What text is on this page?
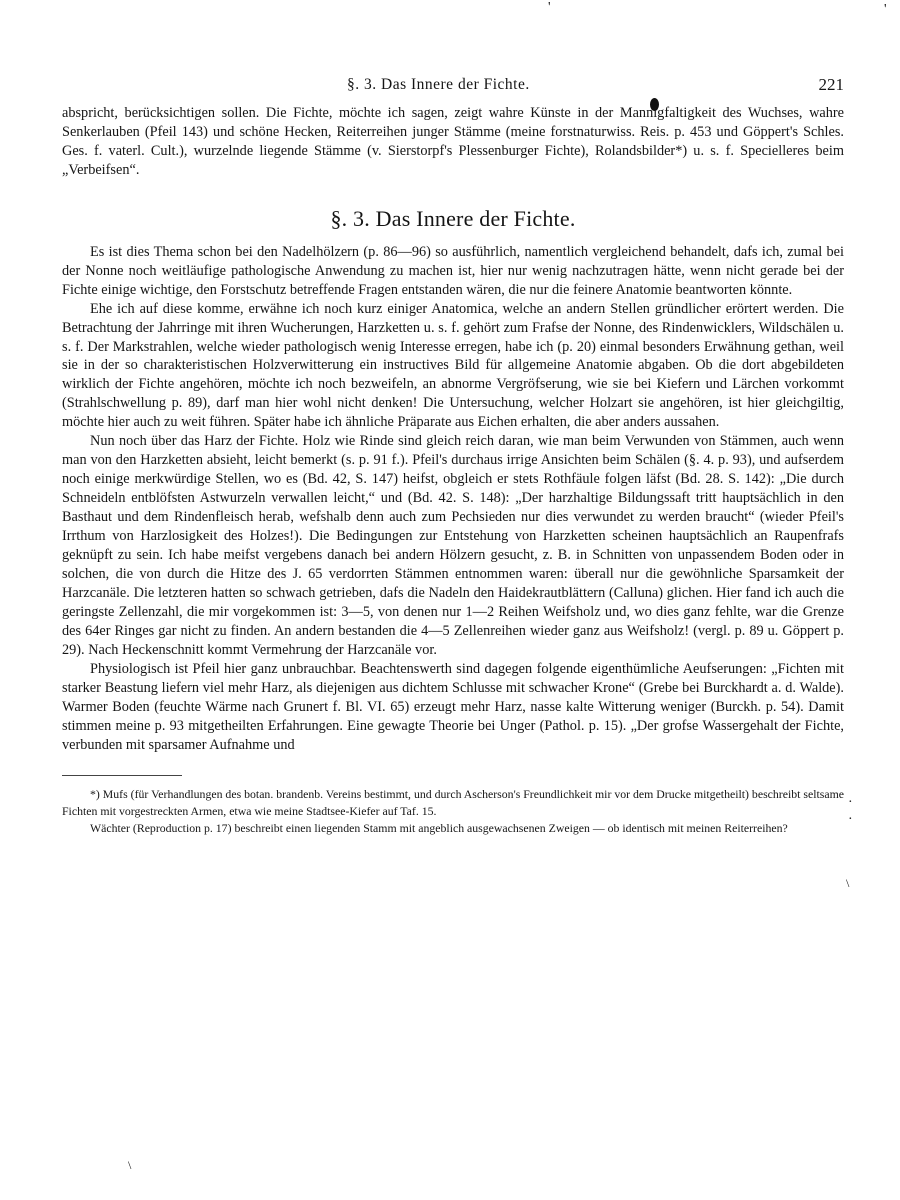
'	'
·
·
\
\
§. 3. Das Innere der Fichte.	221

abspricht, berücksichtigen sollen. Die Fichte, möchte ich sagen, zeigt wahre Künste in der Mannigfaltigkeit des Wuchses, wahre Senkerlauben (Pfeil 143) und schöne Hecken, Reiterreihen junger Stämme (meine forstnaturwiss. Reis. p. 453 und Göppert's Schles. Ges. f. vaterl. Cult.), wurzelnde liegende Stämme (v. Sierstorpf's Plessenburger Fichte), Rolandsbilder*) u. s. f. Specielleres beim „Verbeifsen“.

§. 3. Das Innere der Fichte.

Es ist dies Thema schon bei den Nadelhölzern (p. 86—96) so ausführlich, namentlich vergleichend behandelt, dafs ich, zumal bei der Nonne noch weitläufige pathologische Anwendung zu machen ist, hier nur wenig nachzutragen hätte, wenn nicht gerade bei der Fichte einige wichtige, den Forstschutz betreffende Fragen entstanden wären, die nur die feinere Anatomie beantworten könnte.

Ehe ich auf diese komme, erwähne ich noch kurz einiger Anatomica, welche an andern Stellen gründlicher erörtert werden. Die Betrachtung der Jahrringe mit ihren Wucherungen, Harzketten u. s. f. gehört zum Frafse der Nonne, des Rindenwicklers, Wildschälen u. s. f. Der Markstrahlen, welche wieder pathologisch wenig Interesse erregen, habe ich (p. 20) einmal besonders Erwähnung gethan, weil sie in der so charakteristischen Holzverwitterung ein instructives Bild für allgemeine Anatomie abgaben. Ob die dort abgebildeten wirklich der Fichte angehören, möchte ich noch bezweifeln, an abnorme Vergröfserung, wie sie bei Kiefern und Lärchen vorkommt (Strahlschwellung p. 89), darf man hier wohl nicht denken! Die Untersuchung, welcher Holzart sie angehören, ist hier gleichgiltig, möchte hier auch zu weit führen. Später habe ich ähnliche Präparate aus Eichen erhalten, die aber anders aussahen.

Nun noch über das Harz der Fichte. Holz wie Rinde sind gleich reich daran, wie man beim Verwunden von Stämmen, auch wenn man von den Harzketten absieht, leicht bemerkt (s. p. 91 f.). Pfeil's durchaus irrige Ansichten beim Schälen (§. 4. p. 93), und aufserdem noch einige merkwürdige Stellen, wo es (Bd. 42, S. 147) heifst, obgleich er stets Rothfäule folgen läfst (Bd. 28. S. 142): „Die durch Schneideln entblöfsten Astwurzeln verwallen leicht,“ und (Bd. 42. S. 148): „Der harzhaltige Bildungssaft tritt hauptsächlich in den Basthaut und dem Rindenfleisch herab, wefshalb denn auch zum Pechsieden nur dies verwundet zu werden braucht“ (wieder Pfeil's Irrthum von Harzlosigkeit des Holzes!). Die Bedingungen zur Entstehung von Harzketten scheinen hauptsächlich an Raupenfrafs geknüpft zu sein. Ich habe meifst vergebens danach bei andern Hölzern gesucht, z. B. in Schnitten von unpassendem Boden oder in solchen, die von durch die Hitze des J. 65 verdorrten Stämmen entnommen waren: überall nur die gewöhnliche Sparsamkeit der Harzcanäle. Die letzteren hatten so schwach getrieben, dafs die Nadeln den Haidekrautblättern (Calluna) glichen. Hier fand ich auch die geringste Zellenzahl, die mir vorgekommen ist: 3—5, von denen nur 1—2 Reihen Weifsholz und, wo dies ganz fehlte, war die Grenze des 64er Ringes gar nicht zu finden. An andern bestanden die 4—5 Zellenreihen wieder ganz aus Weifsholz! (vergl. p. 89 u. Göppert p. 29). Nach Heckenschnitt kommt Vermehrung der Harzcanäle vor.

Physiologisch ist Pfeil hier ganz unbrauchbar. Beachtenswerth sind dagegen folgende eigenthümliche Aeufserungen: „Fichten mit starker Beastung liefern viel mehr Harz, als diejenigen aus dichtem Schlusse mit schwacher Krone“ (Grebe bei Burckhardt a. d. Walde). Warmer Boden (feuchte Wärme nach Grunert f. Bl. VI. 65) erzeugt mehr Harz, nasse kalte Witterung weniger (Burckh. p. 54). Damit stimmen meine p. 93 mitgetheilten Erfahrungen. Eine gewagte Theorie bei Unger (Pathol. p. 15). „Der grofse Wassergehalt der Fichte, verbunden mit sparsamer Aufnahme und

*) Mufs (für Verhandlungen des botan. brandenb. Vereins bestimmt, und durch Ascherson's Freundlichkeit mir vor dem Drucke mitgetheilt) beschreibt seltsame Fichten mit vorgestreckten Armen, etwa wie meine Stadtsee-Kiefer auf Taf. 15.

Wächter (Reproduction p. 17) beschreibt einen liegenden Stamm mit angeblich ausgewachsenen Zweigen — ob identisch mit meinen Reiterreihen?
